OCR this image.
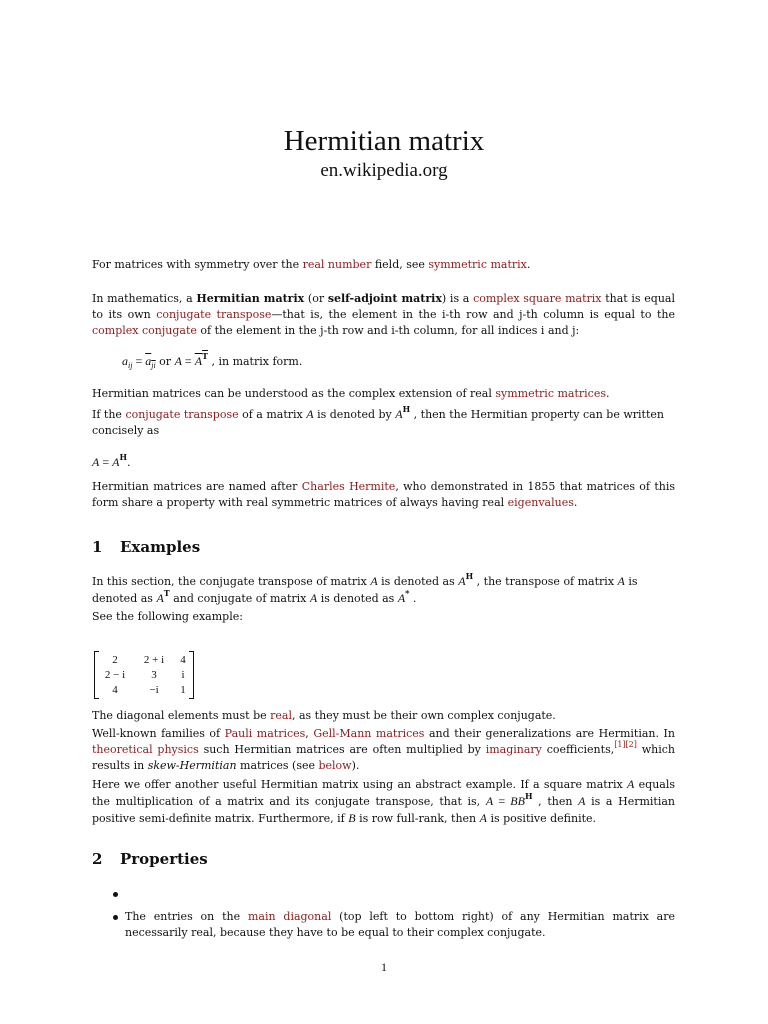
Hermitian matrix
en.wikipedia.org

For matrices with symmetry over the real number field, see symmetric matrix.

In mathematics, a Hermitian matrix (or self-adjoint matrix) is a complex square matrix that is equal to its own conjugate transpose—that is, the element in the i-th row and j-th column is equal to the complex conjugate of the element in the j-th row and i-th column, for all indices i and j:

$a_{ij} = a_{ji}$ or $A = A^T$ , in matrix form.

Hermitian matrices can be understood as the complex extension of real symmetric matrices.

If the conjugate transpose of a matrix A is denoted by $A^H$ , then the Hermitian property can be written concisely as

$A = A^H$.

Hermitian matrices are named after Charles Hermite, who demonstrated in 1855 that matrices of this form share a property with real symmetric matrices of always having real eigenvalues.

1 Examples

In this section, the conjugate transpose of matrix A is denoted as $A^H$ , the transpose of matrix A is denoted as $A^T$ and conjugate of matrix A is denoted as A* .

See the following example:

2	2 + i	4
2 − i	3	i
4	−i	1

The diagonal elements must be real, as they must be their own complex conjugate.

Well-known families of Pauli matrices, Gell-Mann matrices and their generalizations are Hermitian. In theoretical physics such Hermitian matrices are often multiplied by imaginary coefficients,[1][2] which results in skew-Hermitian matrices (see below).

Here we offer another useful Hermitian matrix using an abstract example. If a square matrix A equals the multiplication of a matrix and its conjugate transpose, that is, $A = BB^H$ , then A is a Hermitian positive semi-definite matrix. Furthermore, if B is row full-rank, then A is positive definite.

2 Properties
The entries on the main diagonal (top left to bottom right) of any Hermitian matrix are necessarily real, because they have to be equal to their complex conjugate.
1
